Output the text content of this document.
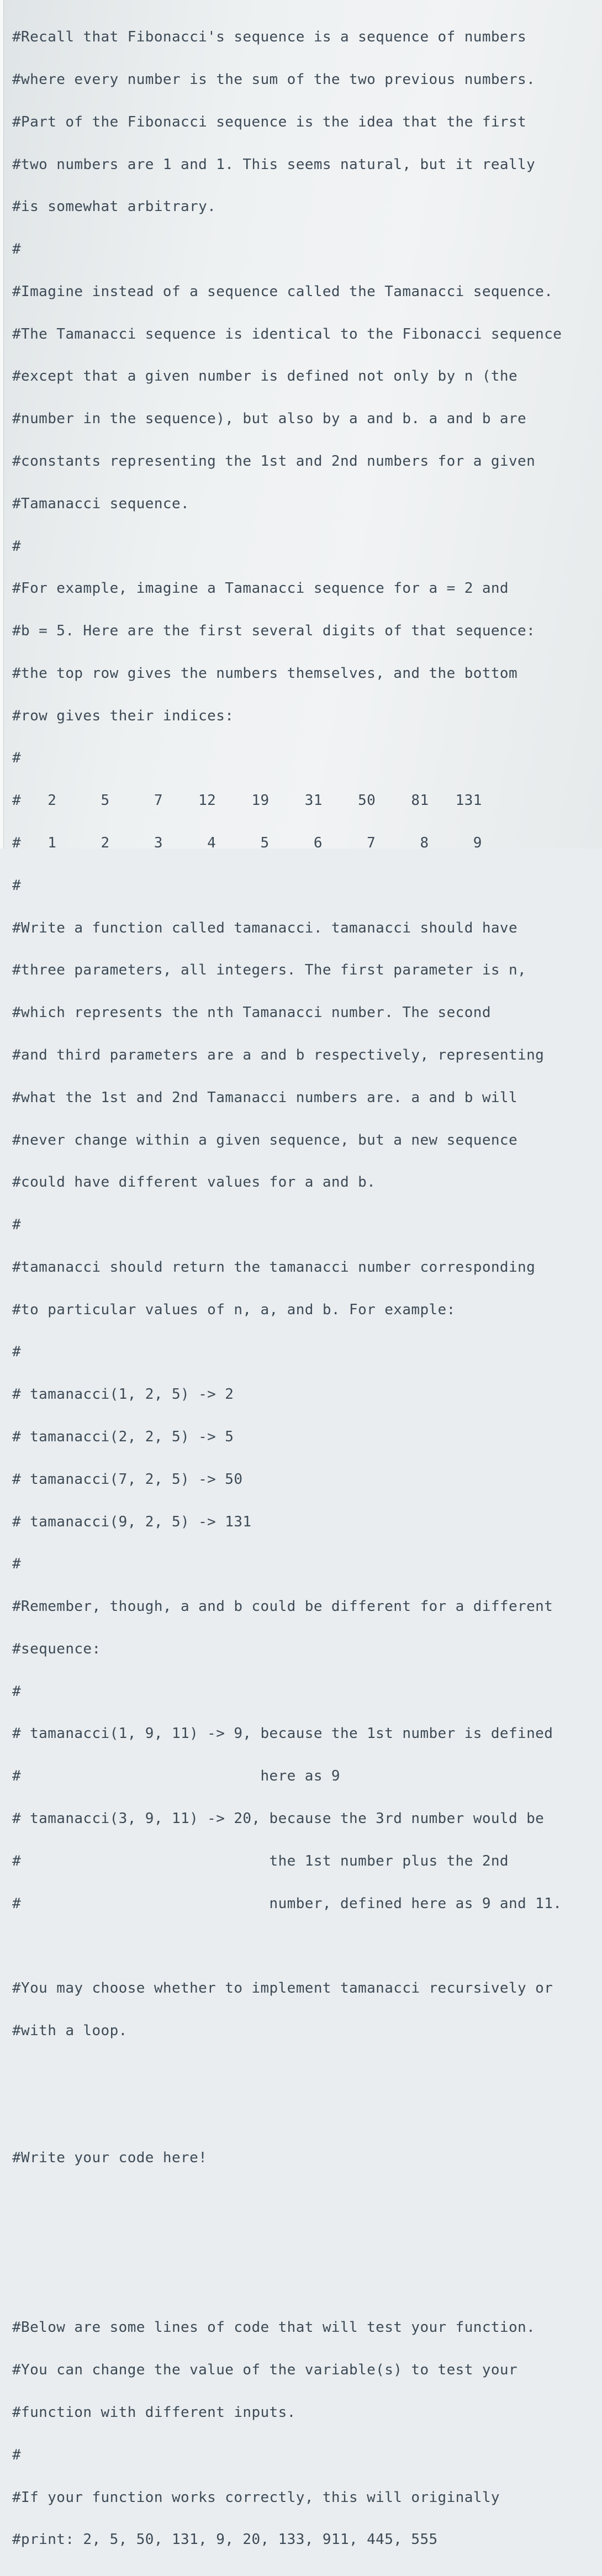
#Recall that Fibonacci's sequence is a sequence of numbers

#where every number is the sum of the two previous numbers.

#Part of the Fibonacci sequence is the idea that the first

#two numbers are 1 and 1. This seems natural, but it really

#is somewhat arbitrary.

#

#Imagine instead of a sequence called the Tamanacci sequence.

#The Tamanacci sequence is identical to the Fibonacci sequence

#except that a given number is defined not only by n (the

#number in the sequence), but also by a and b. a and b are

#constants representing the 1st and 2nd numbers for a given

#Tamanacci sequence.

#

#For example, imagine a Tamanacci sequence for a = 2 and

#b = 5. Here are the first several digits of that sequence:

#the top row gives the numbers themselves, and the bottom

#row gives their indices:

#

#   2     5     7    12    19    31    50    81   131

#   1     2     3     4     5     6     7     8     9

#

#Write a function called tamanacci. tamanacci should have

#three parameters, all integers. The first parameter is n,

#which represents the nth Tamanacci number. The second

#and third parameters are a and b respectively, representing

#what the 1st and 2nd Tamanacci numbers are. a and b will

#never change within a given sequence, but a new sequence

#could have different values for a and b.

#

#tamanacci should return the tamanacci number corresponding

#to particular values of n, a, and b. For example:

#

# tamanacci(1, 2, 5) -> 2

# tamanacci(2, 2, 5) -> 5

# tamanacci(7, 2, 5) -> 50

# tamanacci(9, 2, 5) -> 131

#

#Remember, though, a and b could be different for a different

#sequence:

#

# tamanacci(1, 9, 11) -> 9, because the 1st number is defined

#                           here as 9

# tamanacci(3, 9, 11) -> 20, because the 3rd number would be

#                            the 1st number plus the 2nd

#                            number, defined here as 9 and 11.

#You may choose whether to implement tamanacci recursively or

#with a loop.

#Write your code here!

#Below are some lines of code that will test your function.

#You can change the value of the variable(s) to test your

#function with different inputs.

#

#If your function works correctly, this will originally

#print: 2, 5, 50, 131, 9, 20, 133, 911, 445, 555
